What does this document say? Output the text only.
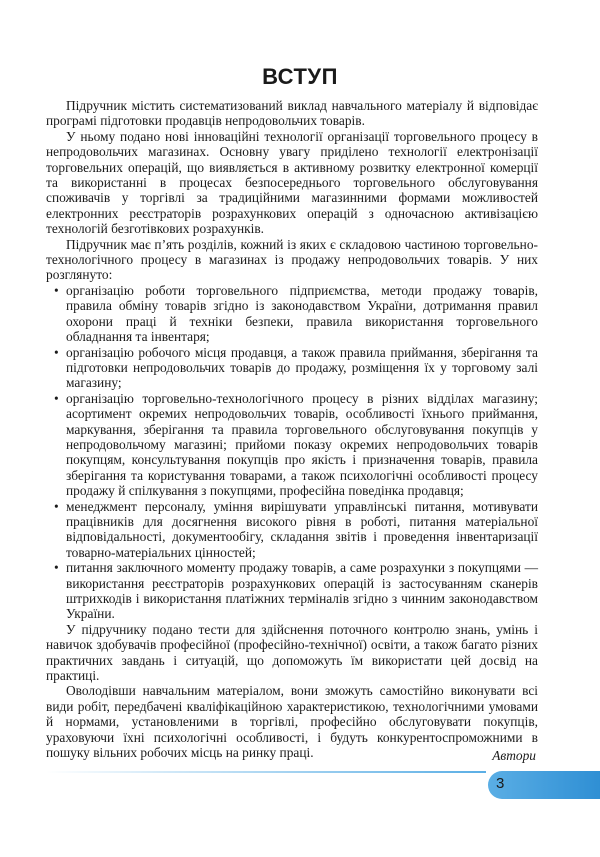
ВСТУП

Підручник містить систематизований виклад навчального матеріалу й відповідає програмі підготовки продавців непродовольчих товарів.

У ньому подано нові інноваційні технології організації торговельного процесу в непродовольчих магазинах. Основну увагу приділено технології електронізації торговельних операцій, що виявляється в активному розвитку електронної комерції та використанні в процесах безпосереднього торговельного обслуговування споживачів у торгівлі за традиційними магазинними формами можливостей електронних реєстраторів розрахункових операцій з одночасною активізацією технологій безготівкових розрахунків.

Підручник має п’ять розділів, кожний із яких є складовою частиною торговельно-технологічного процесу в магазинах із продажу непродовольчих товарів. У них розглянуто:

• організацію роботи торговельного підприємства, методи продажу товарів, правила обміну товарів згідно із законодавством України, дотримання правил охорони праці й техніки безпеки, правила використання торговельного обладнання та інвентаря;
• організацію робочого місця продавця, а також правила приймання, зберігання та підготовки непродовольчих товарів до продажу, розміщення їх у торговому залі магазину;
• організацію торговельно-технологічного процесу в різних відділах магазину; асортимент окремих непродовольчих товарів, особливості їхнього приймання, маркування, зберігання та правила торговельного обслуговування покупців у непродовольчому магазині; прийоми показу окремих непродовольчих товарів покупцям, консультування покупців про якість і призначення товарів, правила зберігання та користування товарами, а також психологічні особливості процесу продажу й спілкування з покупцями, професійна поведінка продавця;
• менеджмент персоналу, уміння вирішувати управлінські питання, мотивувати працівників для досягнення високого рівня в роботі, питання матеріальної відповідальності, документообігу, складання звітів і проведення інвентаризації товарно-матеріальних цінностей;
• питання заключного моменту продажу товарів, а саме розрахунки з покупцями — використання реєстраторів розрахункових операцій із застосуванням сканерів штрихкодів і використання платіжних терміналів згідно з чинним законодавством України.

У підручнику подано тести для здійснення поточного контролю знань, умінь і навичок здобувачів професійної (професійно-технічної) освіти, а також багато різних практичних завдань і ситуацій, що допоможуть їм використати цей досвід на практиці.

Оволодівши навчальним матеріалом, вони зможуть самостійно виконувати всі види робіт, передбачені кваліфікаційною характеристикою, технологічними умовами й нормами, установленими в торгівлі, професійно обслуговувати покупців, ураховуючи їхні психологічні особливості, і будуть конкурентоспроможними в пошуку вільних робочих місць на ринку праці.	Автори
3
